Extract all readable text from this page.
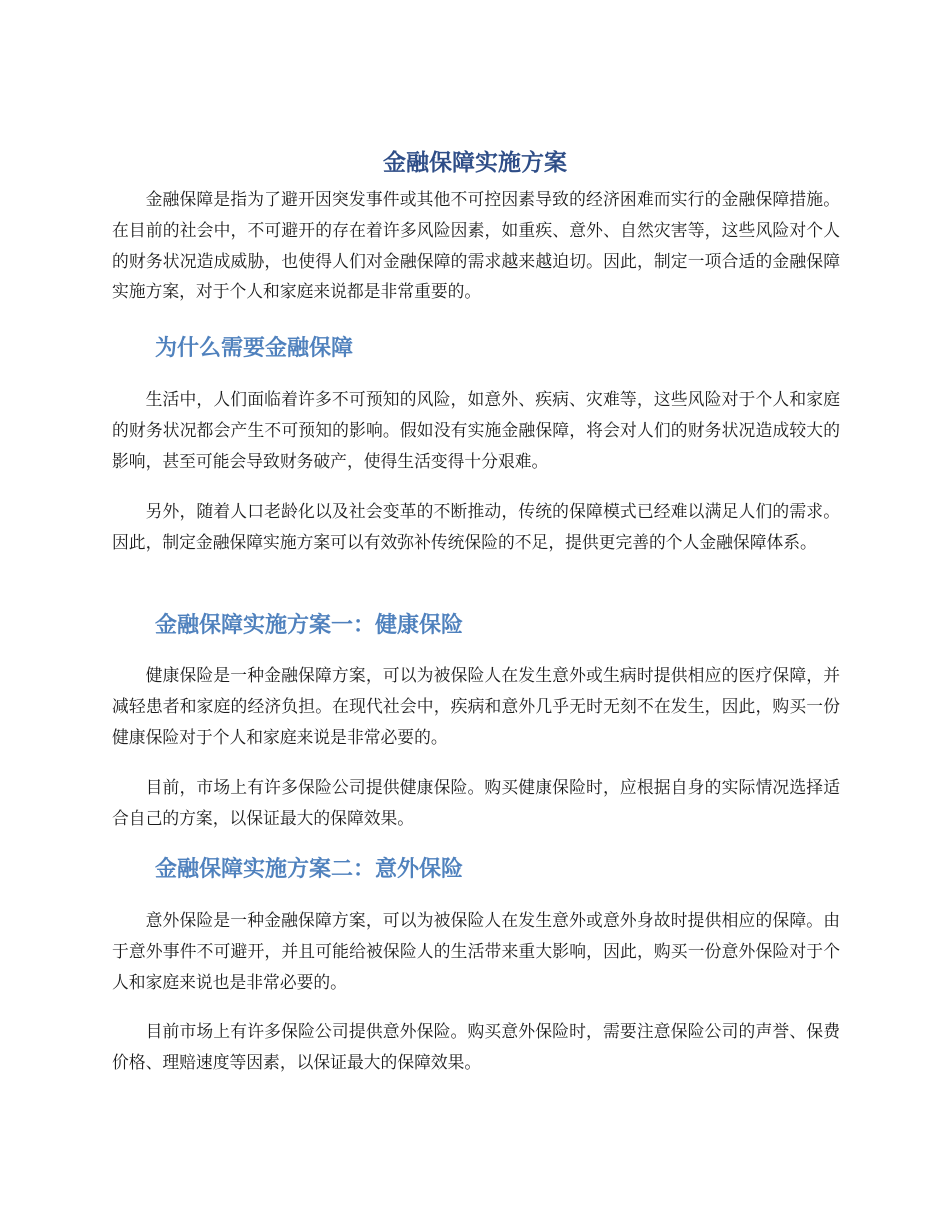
金融保障实施方案

金融保障是指为了避开因突发事件或其他不可控因素导致的经济困难而实行的金融保障措施。在目前的社会中，不可避开的存在着许多风险因素，如重疾、意外、自然灾害等，这些风险对个人的财务状况造成威胁，也使得人们对金融保障的需求越来越迫切。因此，制定一项合适的金融保障实施方案，对于个人和家庭来说都是非常重要的。

为什么需要金融保障

生活中，人们面临着许多不可预知的风险，如意外、疾病、灾难等，这些风险对于个人和家庭的财务状况都会产生不可预知的影响。假如没有实施金融保障，将会对人们的财务状况造成较大的影响，甚至可能会导致财务破产，使得生活变得十分艰难。

另外，随着人口老龄化以及社会变革的不断推动，传统的保障模式已经难以满足人们的需求。因此，制定金融保障实施方案可以有效弥补传统保险的不足，提供更完善的个人金融保障体系。

金融保障实施方案一：健康保险

健康保险是一种金融保障方案，可以为被保险人在发生意外或生病时提供相应的医疗保障，并减轻患者和家庭的经济负担。在现代社会中，疾病和意外几乎无时无刻不在发生，因此，购买一份健康保险对于个人和家庭来说是非常必要的。

目前，市场上有许多保险公司提供健康保险。购买健康保险时，应根据自身的实际情况选择适合自己的方案，以保证最大的保障效果。

金融保障实施方案二：意外保险

意外保险是一种金融保障方案，可以为被保险人在发生意外或意外身故时提供相应的保障。由于意外事件不可避开，并且可能给被保险人的生活带来重大影响，因此，购买一份意外保险对于个人和家庭来说也是非常必要的。

目前市场上有许多保险公司提供意外保险。购买意外保险时，需要注意保险公司的声誉、保费价格、理赔速度等因素，以保证最大的保障效果。
